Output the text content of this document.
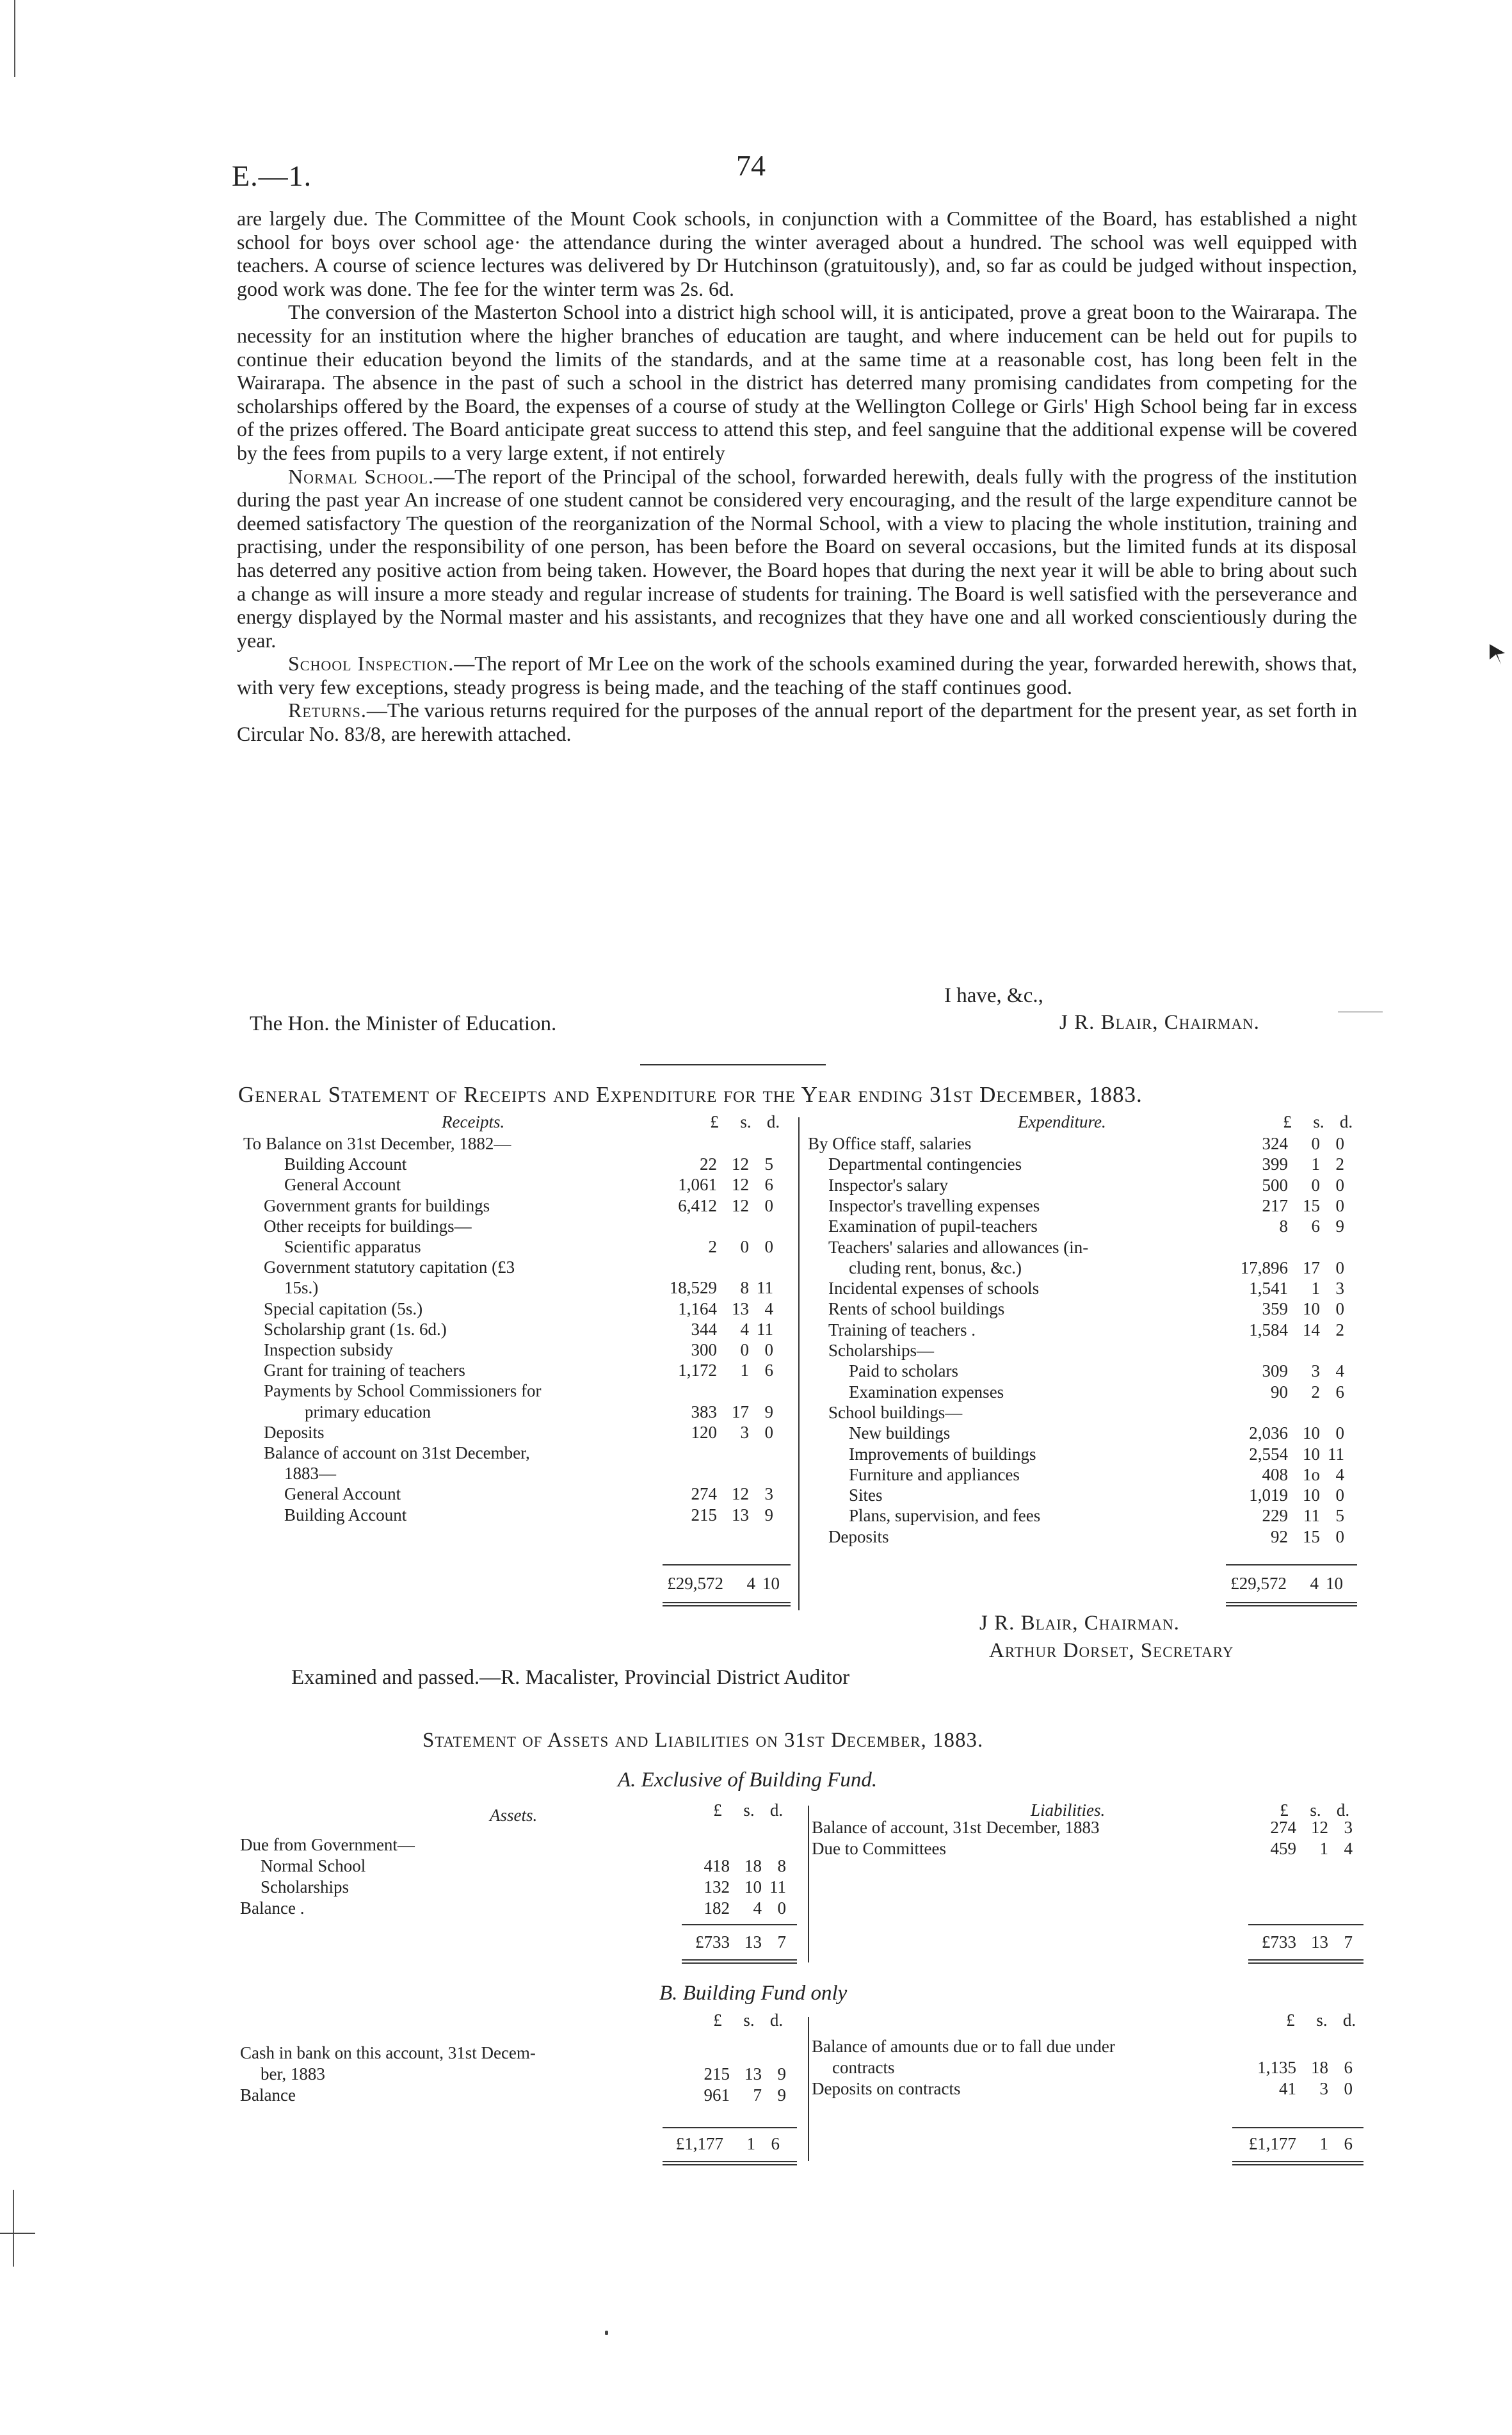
E.—1.	74

are largely due. The Committee of the Mount Cook schools, in conjunction with a Committee of the Board, has established a night school for boys over school age· the attendance during the winter averaged about a hundred. The school was well equipped with teachers. A course of science lectures was delivered by Dr Hutchinson (gratuitously), and, so far as could be judged without inspection, good work was done. The fee for the winter term was 2s. 6d.

The conversion of the Masterton School into a district high school will, it is anticipated, prove a great boon to the Wairarapa. The necessity for an institution where the higher branches of education are taught, and where inducement can be held out for pupils to continue their education beyond the limits of the standards, and at the same time at a reasonable cost, has long been felt in the Wairarapa. The absence in the past of such a school in the district has deterred many promising candidates from competing for the scholarships offered by the Board, the expenses of a course of study at the Wellington College or Girls' High School being far in excess of the prizes offered. The Board anticipate great success to attend this step, and feel sanguine that the additional expense will be covered by the fees from pupils to a very large extent, if not entirely

Normal School.—The report of the Principal of the school, forwarded herewith, deals fully with the progress of the institution during the past year An increase of one student cannot be considered very encouraging, and the result of the large expenditure cannot be deemed satisfactory The question of the reorganization of the Normal School, with a view to placing the whole institution, training and practising, under the responsibility of one person, has been before the Board on several occasions, but the limited funds at its disposal has deterred any positive action from being taken. However, the Board hopes that during the next year it will be able to bring about such a change as will insure a more steady and regular increase of students for training. The Board is well satisfied with the perseverance and energy displayed by the Normal master and his assistants, and recognizes that they have one and all worked conscientiously during the year.

School Inspection.—The report of Mr Lee on the work of the schools examined during the year, forwarded herewith, shows that, with very few exceptions, steady progress is being made, and the teaching of the staff continues good.

Returns.—The various returns required for the purposes of the annual report of the department for the present year, as set forth in Circular No. 83/8, are herewith attached.

I have, &c.,
J R. Blair, Chairman.
The Hon. the Minister of Education.
General Statement of Receipts and Expenditure for the Year ending 31st December, 1883.
Receipts.	£ s. d.	Expenditure.	£ s. d.
To Balance on 31st December, 1882—
Building Account	22 12 5
General Account	1,061 12 6
Government grants for buildings	6,412 12 0
Other receipts for buildings—
Scientific apparatus	2	0 0
Government statutory capitation (£3
15s.)	18,529	8 11
Special capitation (5s.)	1,164 13 4
Scholarship grant (1s. 6d.)	344	4 11
Inspection subsidy	300	0 0
Grant for training of teachers	1,172	1 6
Payments by School Commissioners for
primary education	383 17 9
Deposits	120	3 0
Balance of account on 31st December,
1883—
General Account	274 12 3
Building Account	215 13 9
By Office staff, salaries	324	0 0
Departmental contingencies	399	1 2
Inspector's salary	500	0 0
Inspector's travelling expenses	217 15 0
Examination of pupil-teachers	8	6 9
Teachers' salaries and allowances (in-
cluding rent, bonus, &c.)	17,896 17 0
Incidental expenses of schools	1,541	1 3
Rents of school buildings	359 10 0
Training of teachers .	1,584 14 2
Scholarships—
Paid to scholars	309	3 4
Examination expenses	90	2 6
School buildings—
New buildings	2,036 10 0
Improvements of buildings	2,554 10 11
Furniture and appliances	408 1o 4
Sites	1,019 10 0
Plans, supervision, and fees	229 11 5
Deposits	92 15 0
£29,572	4 10	£29,572	4 10
J R. Blair, Chairman.
Arthur Dorset, Secretary
Examined and passed.—R. Macalister, Provincial District Auditor
Statement of Assets and Liabilities on 31st December, 1883.
A. Exclusive of Building Fund.
Assets.	£ s. d.	Liabilities.	£ s. d.
Due from Government—
Normal School	418 18 8
Scholarships	132 10 11
Balance .	182	4 0
Balance of account, 31st December, 1883	274 12 3
Due to Committees	459	1 4
£733 13 7	£733 13 7
B. Building Fund only
£ s. d.	£ s. d.
Cash in bank on this account, 31st Decem-
ber, 1883	215 13 9
Balance	961	7 9
Balance of amounts due or to fall due under
contracts	1,135 18 6
Deposits on contracts	41	3 0
£1,177	1 6	£1,177	1 6
